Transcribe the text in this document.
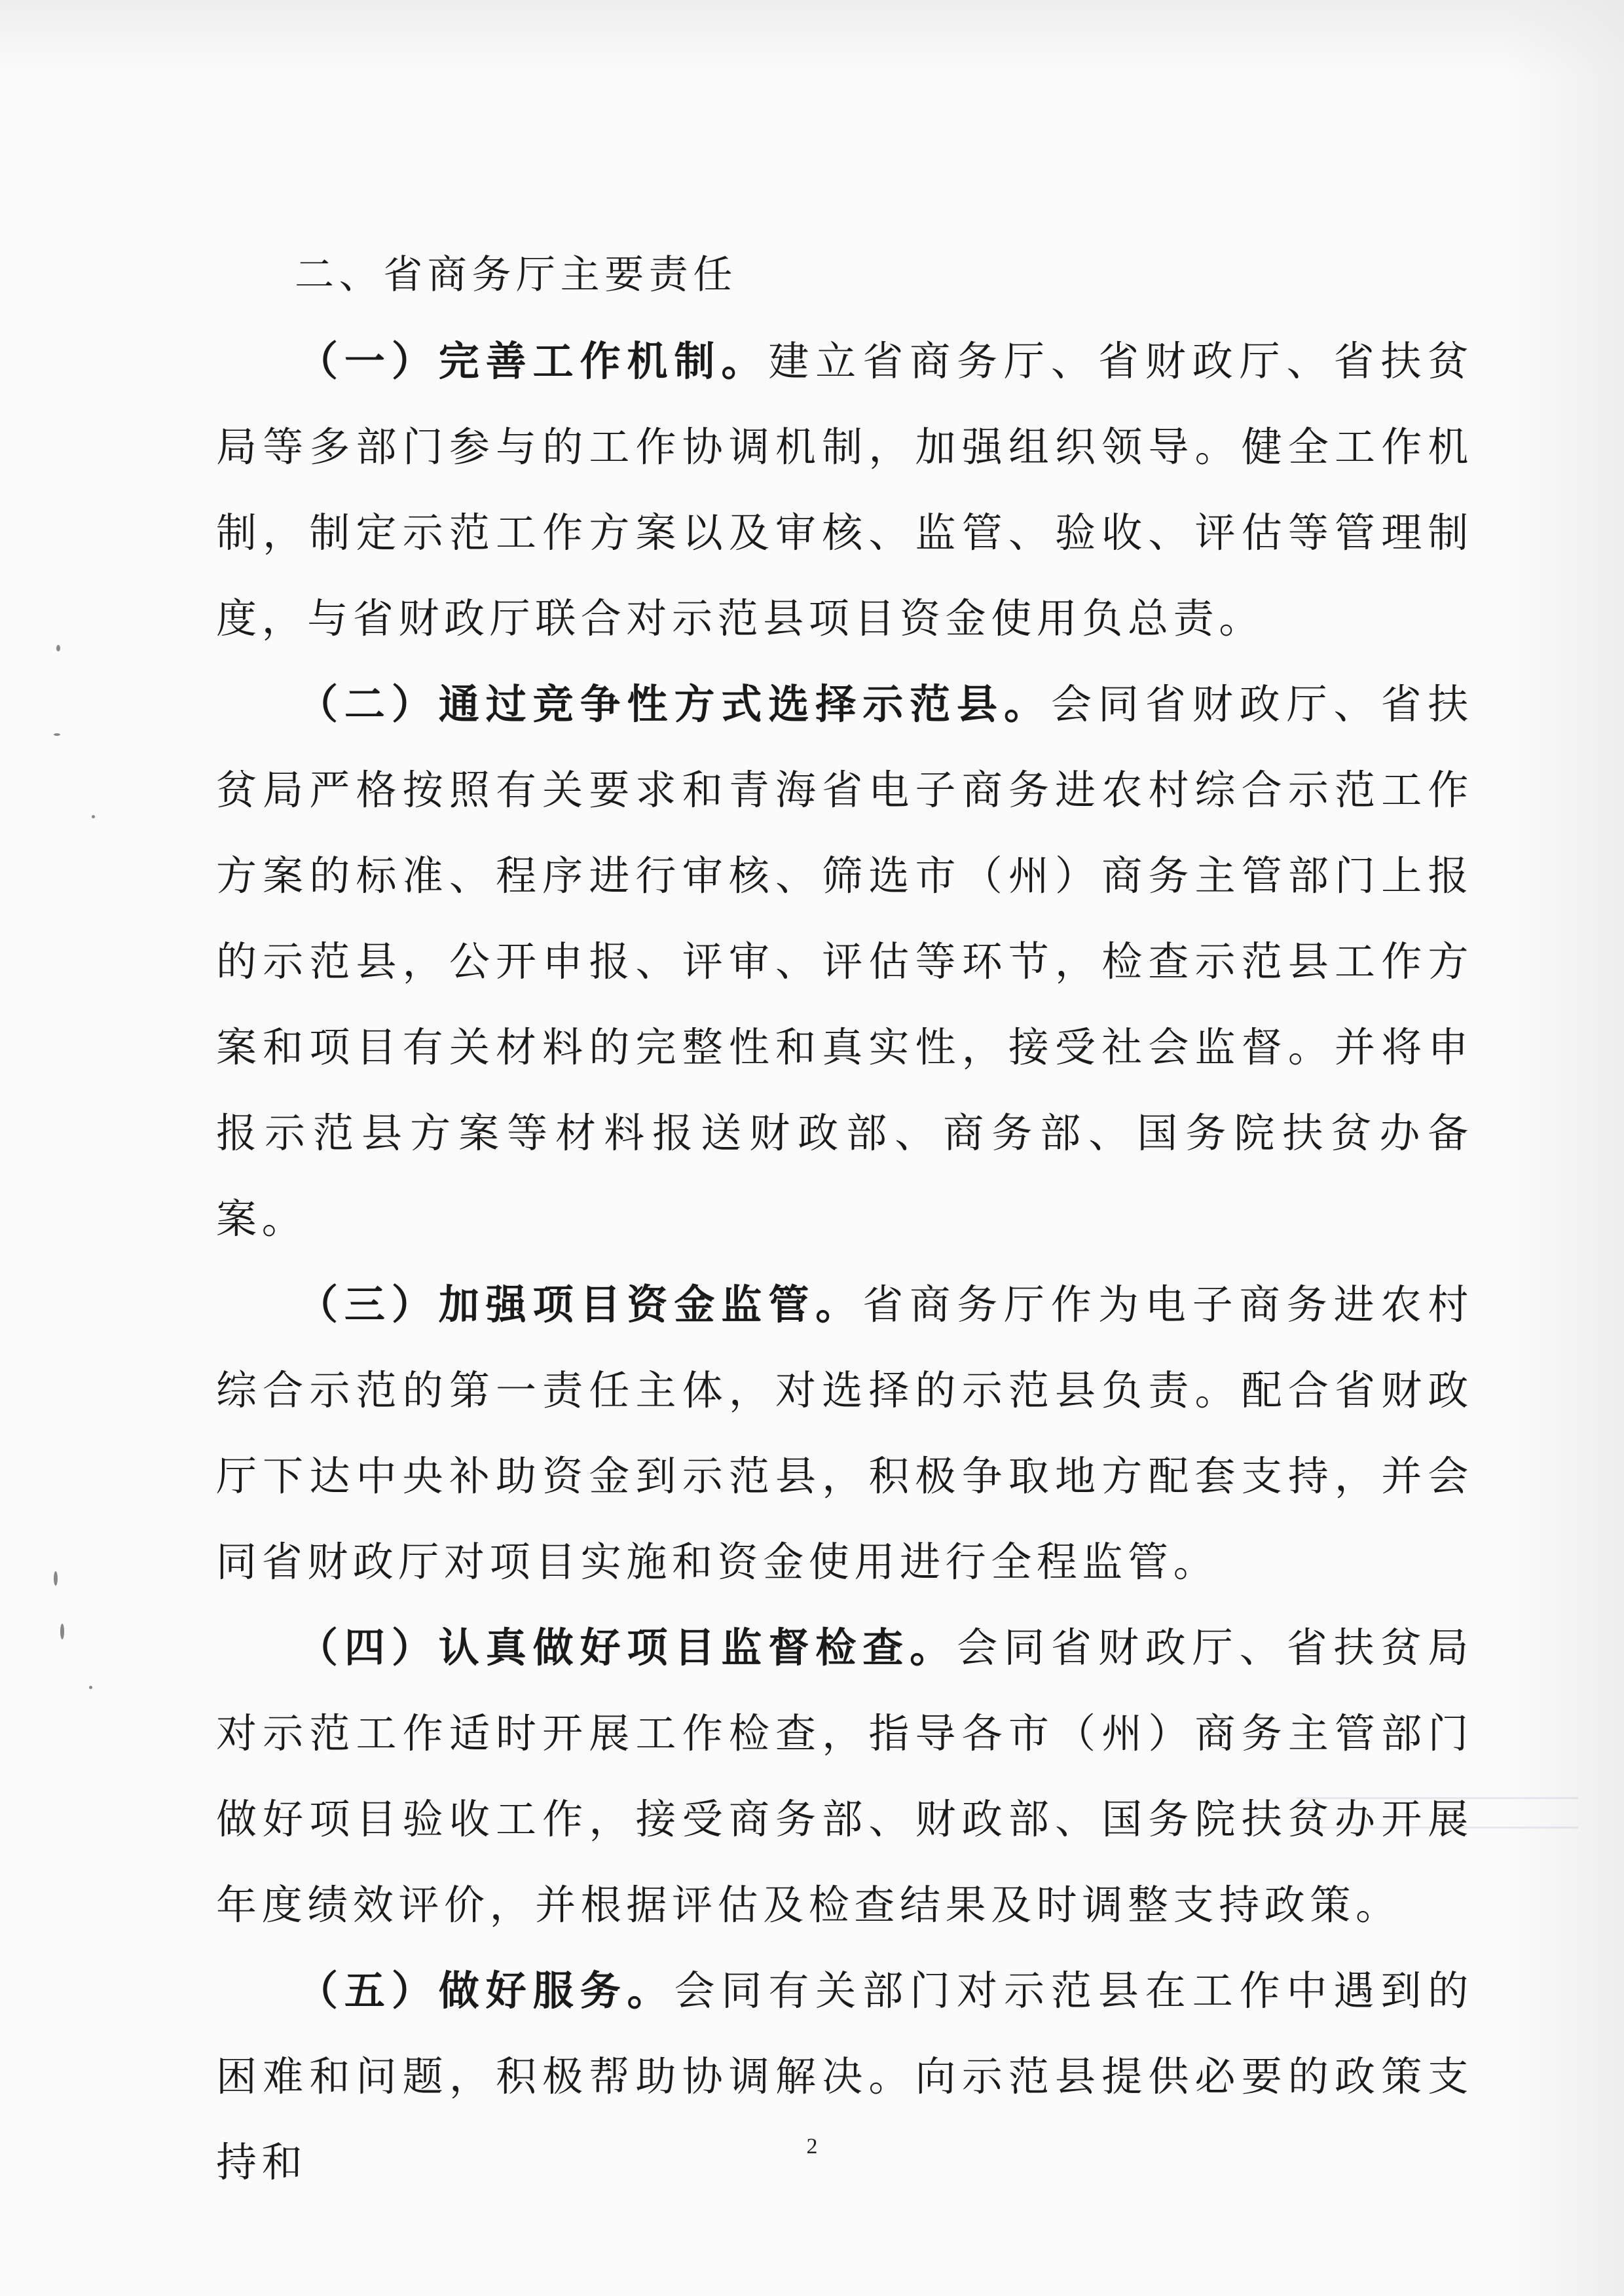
二、省商务厅主要责任

（一）完善工作机制。建立省商务厅、省财政厅、省扶贫局等多部门参与的工作协调机制，加强组织领导。健全工作机制，制定示范工作方案以及审核、监管、验收、评估等管理制度，与省财政厅联合对示范县项目资金使用负总责。

（二）通过竞争性方式选择示范县。会同省财政厅、省扶贫局严格按照有关要求和青海省电子商务进农村综合示范工作方案的标准、程序进行审核、筛选市（州）商务主管部门上报的示范县，公开申报、评审、评估等环节，检查示范县工作方案和项目有关材料的完整性和真实性，接受社会监督。并将申报示范县方案等材料报送财政部、商务部、国务院扶贫办备案。

（三）加强项目资金监管。省商务厅作为电子商务进农村综合示范的第一责任主体，对选择的示范县负责。配合省财政厅下达中央补助资金到示范县，积极争取地方配套支持，并会同省财政厅对项目实施和资金使用进行全程监管。

（四）认真做好项目监督检查。会同省财政厅、省扶贫局对示范工作适时开展工作检查，指导各市（州）商务主管部门做好项目验收工作，接受商务部、财政部、国务院扶贫办开展年度绩效评价，并根据评估及检查结果及时调整支持政策。

（五）做好服务。会同有关部门对示范县在工作中遇到的困难和问题，积极帮助协调解决。向示范县提供必要的政策支持和	2
